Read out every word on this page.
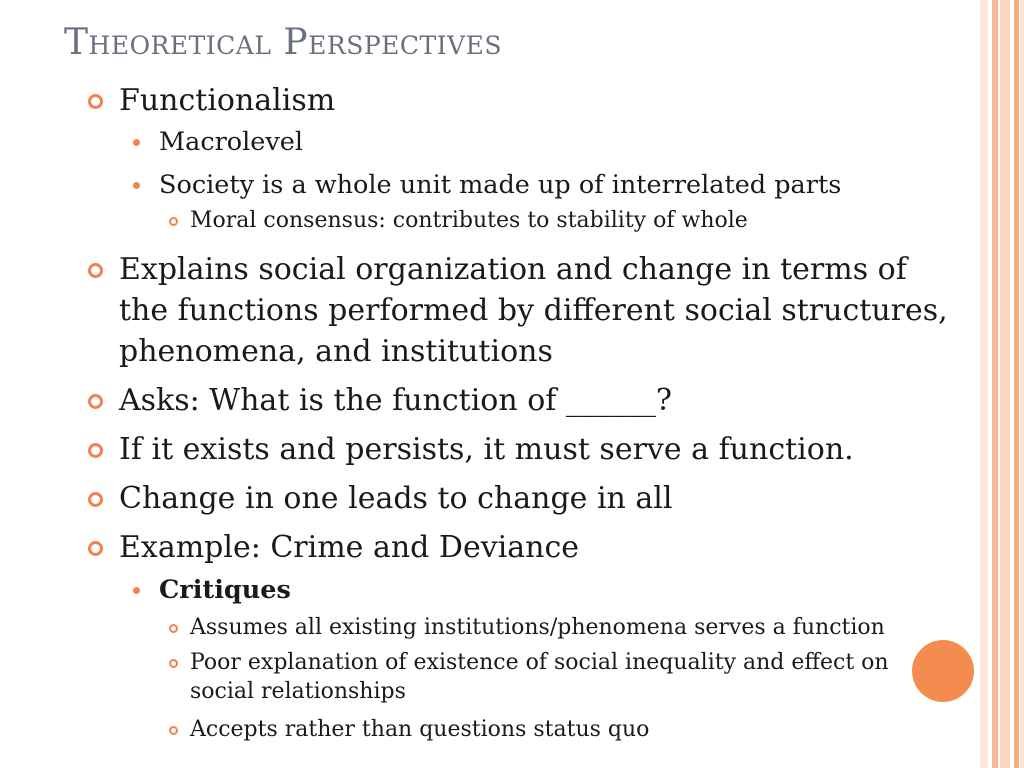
Theoretical Perspectives
Functionalism
Macrolevel
Society is a whole unit made up of interrelated parts
Moral consensus: contributes to stability of whole
Explains social organization and change in terms of the functions performed by different social structures, phenomena, and institutions
Asks: What is the function of ______?
If it exists and persists, it must serve a function.
Change in one leads to change in all
Example: Crime and Deviance
Critiques
Assumes all existing institutions/phenomena serves a function
Poor explanation of existence of social inequality and effect on social relationships
Accepts rather than questions status quo
